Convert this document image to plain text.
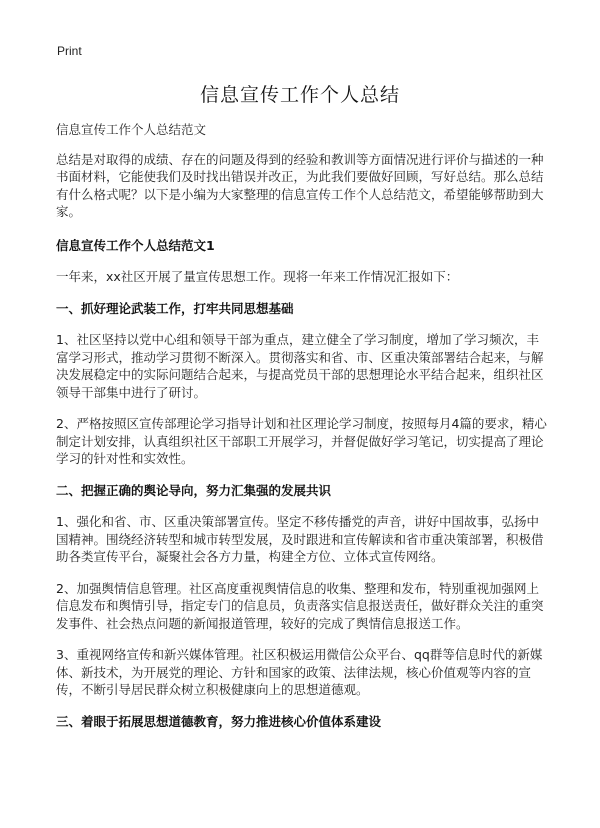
Print
信息宣传工作个人总结

信息宣传工作个人总结范文

总结是对取得的成绩、存在的问题及得到的经验和教训等方面情况进行评价与描述的一种书面材料，它能使我们及时找出错误并改正，为此我们要做好回顾，写好总结。那么总结有什么格式呢？以下是小编为大家整理的信息宣传工作个人总结范文，希望能够帮助到大家。

信息宣传工作个人总结范文1

一年来，xx社区开展了量宣传思想工作。现将一年来工作情况汇报如下：

一、抓好理论武装工作，打牢共同思想基础

1、社区坚持以党中心组和领导干部为重点，建立健全了学习制度，增加了学习频次，丰富学习形式，推动学习贯彻不断深入。贯彻落实和省、市、区重决策部署结合起来，与解决发展稳定中的实际问题结合起来，与提高党员干部的思想理论水平结合起来，组织社区领导干部集中进行了研讨。

2、严格按照区宣传部理论学习指导计划和社区理论学习制度，按照每月4篇的要求，精心制定计划安排，认真组织社区干部职工开展学习，并督促做好学习笔记，切实提高了理论学习的针对性和实效性。

二、把握正确的舆论导向，努力汇集强的发展共识

1、强化和省、市、区重决策部署宣传。坚定不移传播党的声音，讲好中国故事，弘扬中国精神。围绕经济转型和城市转型发展，及时跟进和宣传解读和省市重决策部署，积极借助各类宣传平台，凝聚社会各方力量，构建全方位、立体式宣传网络。

2、加强舆情信息管理。社区高度重视舆情信息的收集、整理和发布，特别重视加强网上信息发布和舆情引导，指定专门的信息员，负责落实信息报送责任，做好群众关注的重突发事件、社会热点问题的新闻报道管理，较好的完成了舆情信息报送工作。

3、重视网络宣传和新兴媒体管理。社区积极运用微信公众平台、qq群等信息时代的新媒体、新技术，为开展党的理论、方针和国家的政策、法律法规，核心价值观等内容的宣传，不断引导居民群众树立积极健康向上的思想道德观。

三、着眼于拓展思想道德教育，努力推进核心价值体系建设
